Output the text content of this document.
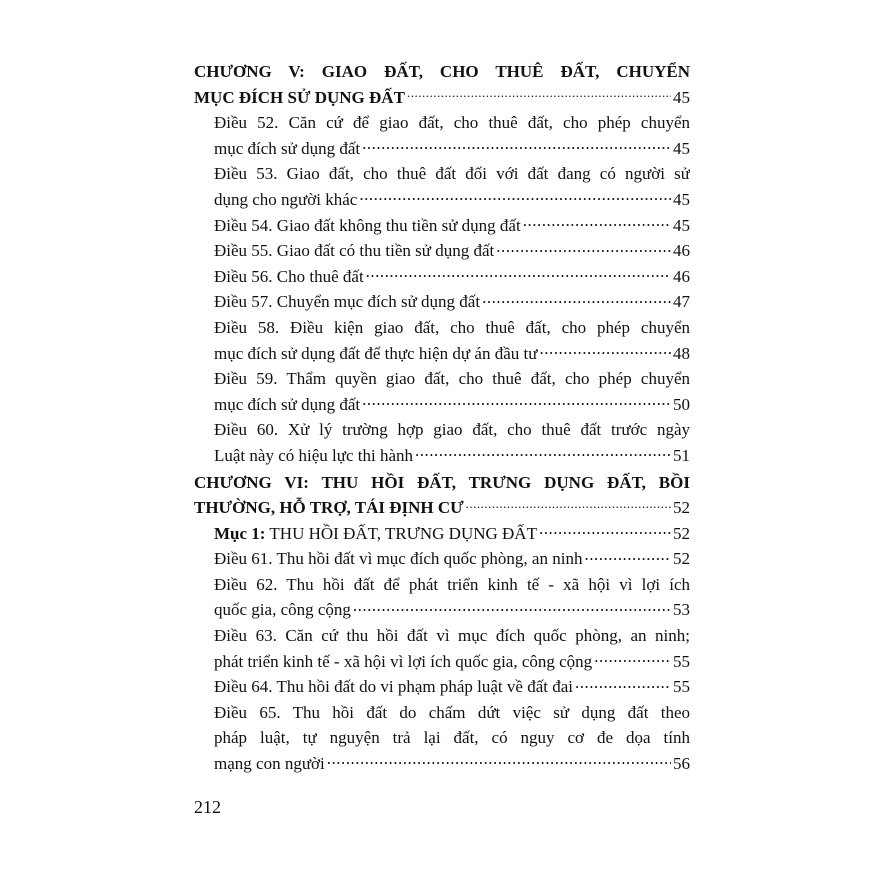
CHƯƠNG V: GIAO ĐẤT, CHO THUÊ ĐẤT, CHUYỂN
MỤC ĐÍCH SỬ DỤNG ĐẤT .....	45
Điều 52. Căn cứ để giao đất, cho thuê đất, cho phép chuyển
mục đích sử dụng đất .....	45
Điều 53. Giao đất, cho thuê đất đối với đất đang có người sử
dụng cho người khác .....	45
Điều 54. Giao đất không thu tiền sử dụng đất .....	45
Điều 55. Giao đất có thu tiền sử dụng đất .....	46
Điều 56. Cho thuê đất .....	46
Điều 57. Chuyển mục đích sử dụng đất .....	47
Điều 58. Điều kiện giao đất, cho thuê đất, cho phép chuyển
mục đích sử dụng đất để thực hiện dự án đầu tư .....	48
Điều 59. Thẩm quyền giao đất, cho thuê đất, cho phép chuyển
mục đích sử dụng đất .....	50
Điều 60. Xử lý trường hợp giao đất, cho thuê đất trước ngày
Luật này có hiệu lực thi hành .....	51
CHƯƠNG VI: THU HỒI ĐẤT, TRƯNG DỤNG ĐẤT, BỒI
THƯỜNG, HỖ TRỢ, TÁI ĐỊNH CƯ .....	52
Mục 1: THU HỒI ĐẤT, TRƯNG DỤNG ĐẤT .....	52
Điều 61. Thu hồi đất vì mục đích quốc phòng, an ninh .....	52
Điều 62. Thu hồi đất để phát triển kinh tế - xã hội vì lợi ích
quốc gia, công cộng .....	53
Điều 63. Căn cứ thu hồi đất vì mục đích quốc phòng, an ninh;
phát triển kinh tế - xã hội vì lợi ích quốc gia, công cộng .....	55
Điều 64. Thu hồi đất do vi phạm pháp luật về đất đai .....	55
Điều 65. Thu hồi đất do chấm dứt việc sử dụng đất theo
pháp luật, tự nguyện trả lại đất, có nguy cơ đe dọa tính
mạng con người .....	56
212
